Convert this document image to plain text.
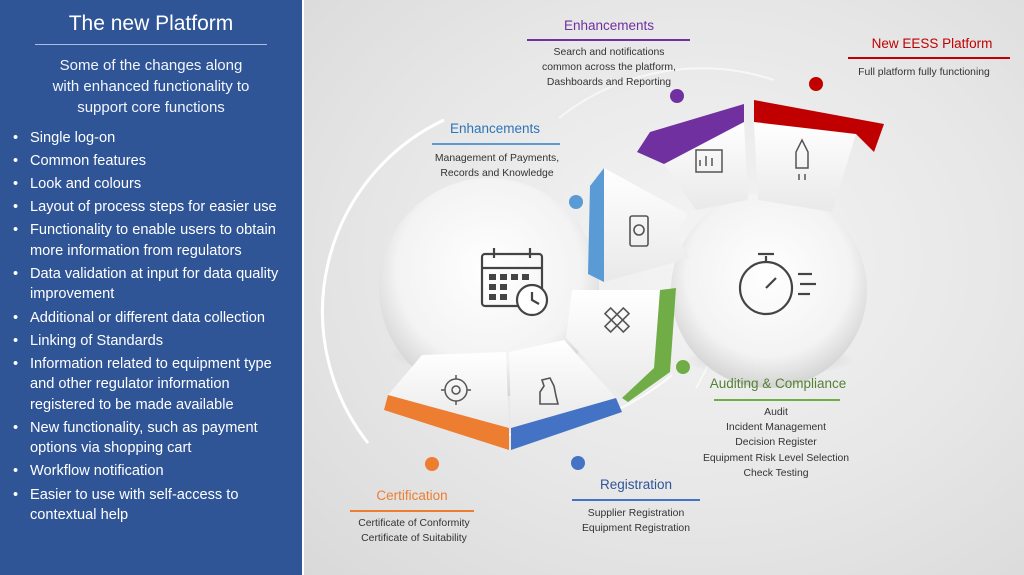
The new Platform
Some of the changes along
with enhanced functionality to
support core functions
• Single log-on
• Common features
• Look and colours
• Layout of process steps for easier use
• Functionality to enable users to obtain more information from regulators
• Data validation at input for data quality improvement
• Additional or different data collection
• Linking of Standards
• Information related to equipment type and other regulator information registered to be made available
• New functionality, such as payment options via shopping cart
• Workflow notification
• Easier to use with self-access to contextual help
Enhancements
Search and notifications
common across the platform,
Dashboards and Reporting
New EESS Platform
Full platform fully functioning
Enhancements
Management of Payments,
Records and Knowledge
Auditing & Compliance
Audit
Incident Management
Decision Register
Equipment Risk Level Selection
Check Testing
Registration
Supplier Registration
Equipment Registration
Certification
Certificate of Conformity
Certificate of Suitability
